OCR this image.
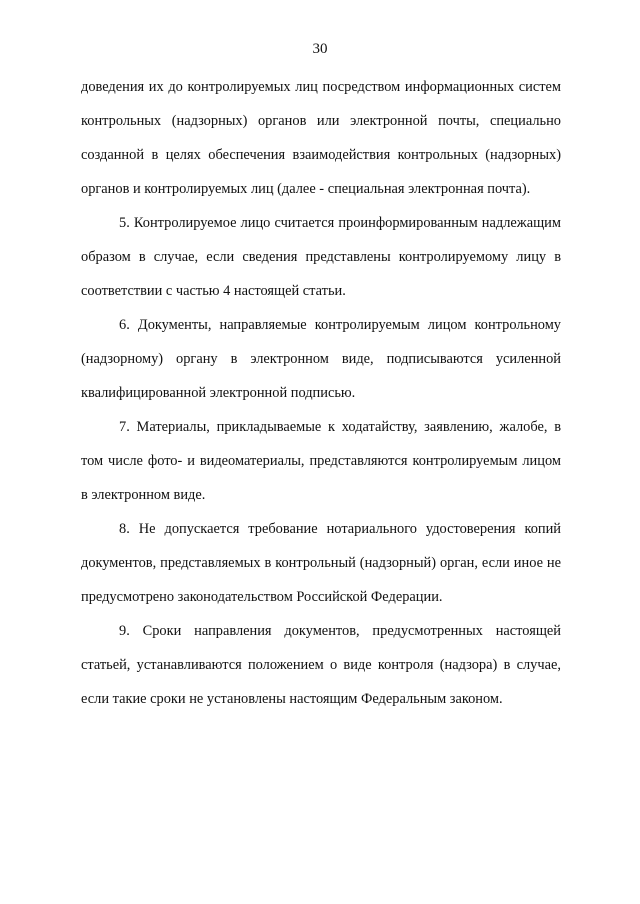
30

доведения их до контролируемых лиц посредством информационных систем контрольных (надзорных) органов или электронной почты, специально созданной в целях обеспечения взаимодействия контрольных (надзорных) органов и контролируемых лиц (далее - специальная электронная почта).

5. Контролируемое лицо считается проинформированным надлежащим образом в случае, если сведения представлены контролируемому лицу в соответствии с частью 4 настоящей статьи.

6. Документы, направляемые контролируемым лицом контрольному (надзорному) органу в электронном виде, подписываются усиленной квалифицированной электронной подписью.

7. Материалы, прикладываемые к ходатайству, заявлению, жалобе, в том числе фото- и видеоматериалы, представляются контролируемым лицом в электронном виде.

8. Не допускается требование нотариального удостоверения копий документов, представляемых в контрольный (надзорный) орган, если иное не предусмотрено законодательством Российской Федерации.

9. Сроки направления документов, предусмотренных настоящей статьей, устанавливаются положением о виде контроля (надзора) в случае, если такие сроки не установлены настоящим Федеральным законом.
